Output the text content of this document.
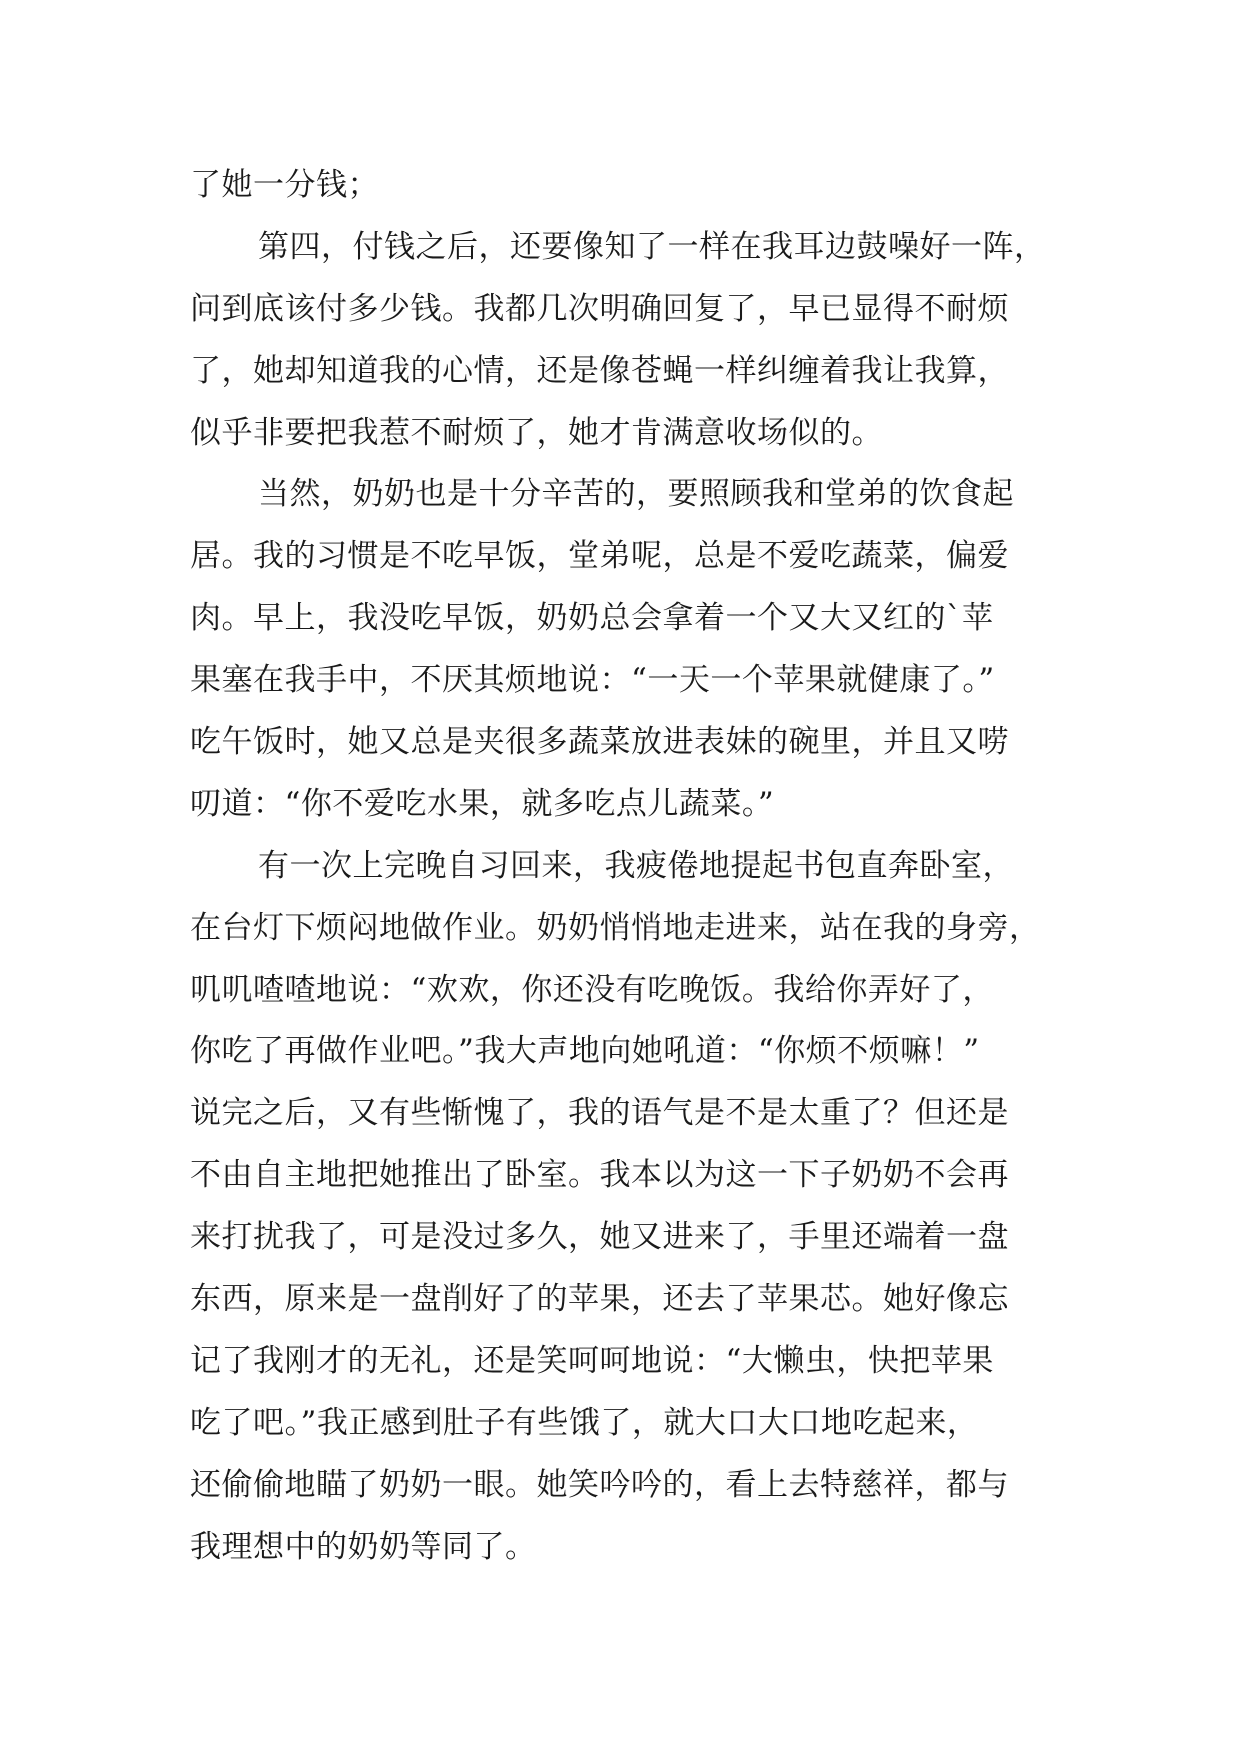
了她一分钱；
第四，付钱之后，还要像知了一样在我耳边鼓噪好一阵，
问到底该付多少钱。我都几次明确回复了，早已显得不耐烦
了，她却知道我的心情，还是像苍蝇一样纠缠着我让我算，
似乎非要把我惹不耐烦了，她才肯满意收场似的。
当然，奶奶也是十分辛苦的，要照顾我和堂弟的饮食起
居。我的习惯是不吃早饭，堂弟呢，总是不爱吃蔬菜，偏爱
肉。早上，我没吃早饭，奶奶总会拿着一个又大又红的`苹
果塞在我手中，不厌其烦地说：“一天一个苹果就健康了。”
吃午饭时，她又总是夹很多蔬菜放进表妹的碗里，并且又唠
叨道：“你不爱吃水果，就多吃点儿蔬菜。”
有一次上完晚自习回来，我疲倦地提起书包直奔卧室，
在台灯下烦闷地做作业。奶奶悄悄地走进来，站在我的身旁，
叽叽喳喳地说：“欢欢，你还没有吃晚饭。我给你弄好了，
你吃了再做作业吧。”我大声地向她吼道：“你烦不烦嘛！”
说完之后，又有些惭愧了，我的语气是不是太重了？但还是
不由自主地把她推出了卧室。我本以为这一下子奶奶不会再
来打扰我了，可是没过多久，她又进来了，手里还端着一盘
东西，原来是一盘削好了的苹果，还去了苹果芯。她好像忘
记了我刚才的无礼，还是笑呵呵地说：“大懒虫，快把苹果
吃了吧。”我正感到肚子有些饿了，就大口大口地吃起来，
还偷偷地瞄了奶奶一眼。她笑吟吟的，看上去特慈祥，都与
我理想中的奶奶等同了。
